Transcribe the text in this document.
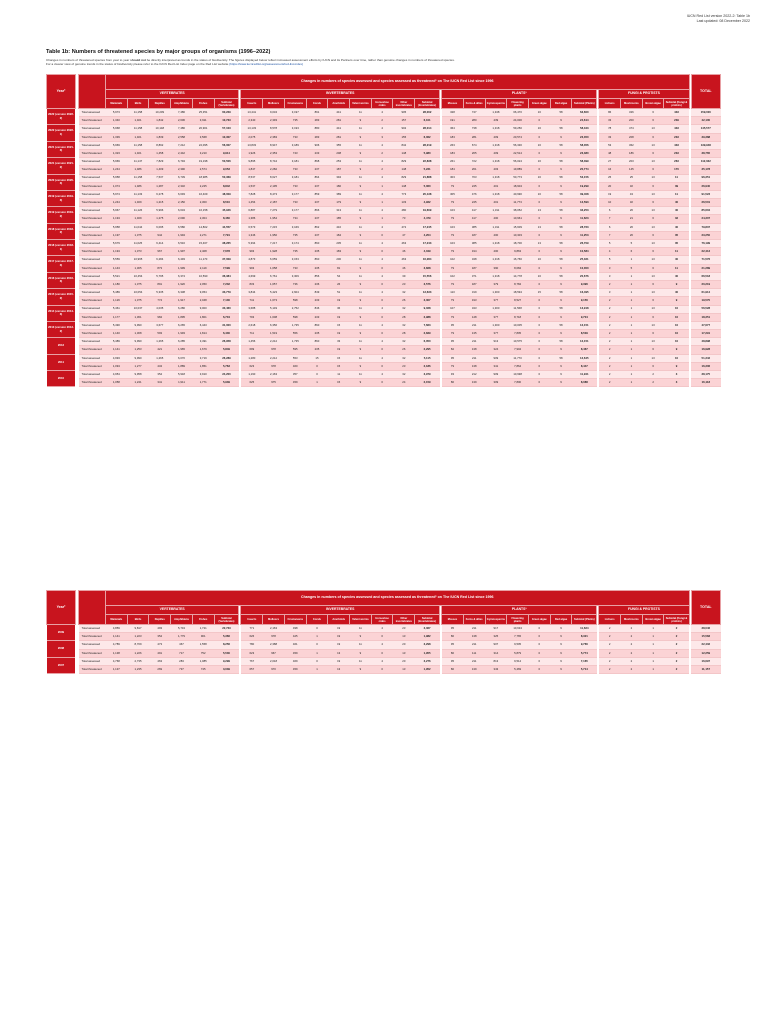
IUCN Red List version 2022-2: Table 1b
Last updated: 08 December 2022
Table 1b: Numbers of threatened species by major groups of organisms (1996–2022)
Changes in numbers of threatened species from year to year should not be directly interpreted as trends in the status of biodiversity. The figures displayed below reflect increased assessment efforts by IUCN and its Partners over time, rather than genuine changes in numbers of threatened species.
For a clearer view of genuine trends in the status of biodiversity please refer to the IUCN Red List Index page on the Red List website (https://www.iucnredlist.org/assessment/red-list-index)
Year²			Changes in numbers of species assessed and species assessed as threatened¹ on The IUCN Red List since 1996																														TOTAL
			VERTEBRATES							INVERTEBRATES										PLANTS³								FUNGI & PROTISTS					
			Mammals	Birds	Reptiles	Amphibians	Fishes	Subtotal (Vertebrates)		Insects	Molluscs	Crustaceans	Corals	Arachnids	Velvet worms	Horseshoe crabs	Other invertebrates	Subtotal (Invertebrates)		Mosses	Ferns & allies	Gymnosperms	Flowering plants	Green algae	Red algae	Subtotal (Plants)		Lichens	Mushrooms	Brown algae	Subtotal (Fungi & protists)		
2022 (version 2022-2)		Total assessed	5,973	11,158	10,209	7,486	25,351	60,229		13,441	9,034	3,197	891	441	11	4	905	28,002		328	747	1,348	66,470	16	58	63,600		86	326	6	433		159,000
		Total threatened	1,340	1,401	1,842	2,606	3,911	10,733		2,340	2,393	735	283	281	9	2	157	6,101		191	280	439	24,000	0	9	24,614		33	200	6	239		42,100
2022 (version 2022-1)		Total assessed	5,968	11,158	10,148	7,486	20,901	57,103		13,133	8,578	3,193	880	441	11	4	902	28,014		364	738	1,318	59,250	16	58	58,343		78	474	13	433		145,577
		Total threatened	1,339	1,401	1,839	2,558	3,568	10,307		2,075	2,383	733	283	281	9	3	155	6,062		183	281	409	20,574	0	9	23,350		33	208	6	233		39,388
2021 (version 2021-3)		Total assessed	5,969	11,158	8,892	7,212	22,095	56,007		13,833	8,947	3,189	906	355	11	4	842	28,219		263	674	1,318	56,330	16	58	58,356		53	362	13	433		139,948
		Total threatened	1,323	1,401	1,458	2,442	3,210	9,914		1,926	2,353	743	233	208	9	2	148	5,980		183	265	409	22,514	0	9	23,380		48	186	6	233		38,765
2021 (version 2021-2)		Total assessed	5,969	11,147	7,829	6,794	19,198	50,506		9,895	8,744	3,181	868	253	11	4	829	22,838		261	722	1,318	56,024	16	58	58,399		27	203	13	263		112,032
		Total threatened	1,244	1,486	1,409	2,390	2,574	9,053		1,847	2,282	733	237	187	9	2	148	5,231		184	261	403	19,889	0	9	20,774		16	145	6	170		35,178
2020 (version 2020-3)		Total assessed	5,958	11,158	7,537	6,739	18,985	50,369		8,537	8,627	3,181	864	394	11	4	829	21,888		303	703	1,318	50,773	16	58	53,156		25	25	13	11		96,351
		Total threatened	1,074	1,486	1,287	2,332	2,225	8,842		1,537	2,195	733	237	180	9	1	148	5,060		79	245	401	18,904	0	9	19,299		20	32	6	39		26,940
2019 (version 2019-3)		Total assessed	5,974	11,133	6,278	6,693	16,409	48,009		7,828	8,473	3,177	859	389	11	4	773	20,138		305	476	1,318	40,990	16	58	39,408		19	43	13	11		91,523
		Total threatened	1,244	1,469	1,215	2,150	2,300	8,510		1,454	2,187	733	237	179	9	1	133	4,922		79	245	401	11,773	0	9	12,593		10	32	6	40		26,501
2019 (version 2019-2)		Total assessed	5,967	11,126	5,996	6,634	16,158	45,946		6,887	7,279	3,177	866	313	11	4	480	19,609		103	417	1,311	38,052	13	58	33,253		6	26	13	40		85,604
		Total threatened	1,194	1,469	1,275	2,090	2,304	8,460		1,386	1,954	734	237	185	9	1	73	4,479		79	417	400	10,961	0	9	11,623		7	21	6	32		24,307
2018 (version 2018-2)		Total assessed	5,958	11,044	6,095	6,580	14,802	44,557		6,573	7,215	3,169	862	410	11	4	472	17,245		103	385	1,311	15,609	13	58	28,763		6	26	13	40		79,837
		Total threatened	1,197	1,375	944	1,994	2,271	7,791		1,346	1,950	735	237	184	9	0	47	4,204		79	187	400	10,303	0	9	11,253		7	26	6	35		23,250
2018 (version 2018-1)		Total assessed	5,679	11,025	6,414	6,516	15,467	38,265		5,394	7,217	3,174	860	205	11	4	463	17,243		103	385	1,318	18,700	13	58	26,709		5	5	13	35		76,199
		Total threatened	1,194	1,373	967	1,997	2,408	7,678		993	1,928	735	235	183	9	0	46	4,049		79	194	400	9,863	0	9	10,584		4	6	6	11		22,413
2017 (version 2017-3)		Total assessed	5,559	10,965	6,284	6,493	11,170	37,009		4,873	6,659	3,153	860	200	11	4	463	16,284		102	348	1,318	16,766	16	58	25,321		5	1	13	40		71,576
		Total threatened	1,143	1,305	873	1,999	2,119	7,599		993	1,658	733	235	81	9	0	46	3,828		79	187	390	8,084	0	9	10,000		3	5	6	11		21,289
2016 (version 2016-3)		Total assessed	5,521	10,454	5,795	6,374	10,590	36,384		4,699	6,761	3,309	856	54	11	4	39	15,556		102	371	1,318	14,778	16	58	20,676		3	1	13	40		66,518
		Total threatened	1,180	1,375	891	1,920	2,050	7,232		833	1,657	736	236	26	9	0	23	3,576		79	187	379	8,784	0	9	9,396		2	1	6	9		20,219
2015 (version 2015-2)		Total assessed	5,489	10,054	5,335	6,338	9,054	33,779		3,844	5,423	2,604	849	51	11	4	32	13,633		113	319	1,300	18,594	15	58	16,495		3	1	13	40		61,914
		Total threatened	1,126	1,375	774	1,917	2,048	7,130		741	1,673	598	233	19	9	0	26	3,307		79	193	377	8,527	0	9	9,156		2	1	6	9		19,570
2014 (version 2014-3)		Total assessed	5,461	10,037	4,035	6,286	9,000	33,460		3,688	5,149	2,752	846	36	11	4	32	9,028		107	343	1,300	11,568	0	58	13,918		2	1	13	10		56,528
		Total threatened	1,177	1,361	984	1,895	1,801	6,704		793	1,608	598	233	19	9	0	28	2,988		79	148	377	8,718	0	9	9,704		2	1	6	10		18,351
2013 (version 2013-2)		Total assessed	5,490	9,990	3,677	6,265	6,443	31,000		2,618	6,356	1,735	860	15	11	4	32	7,663		95	211	1,300	10,005	0	58	12,151		2	1	13	10		47,677
		Total threatened	1,140	1,308	593	1,993	1,814	6,430		711	1,519	556	235	19	9	0	28	2,839		79	135	377	7,805	0	9	8,509		2	1	6	10		17,291
2012		Total assessed	5,489	9,990	1,265	6,285	3,491	26,958		1,456	2,212	1,735	860	33	11	4	32	6,050		95	211	913	10,575	0	58	12,151		2	1	13	10		48,898
		Total threatened	1,141	1,253	421	1,965	1,679	5,849		699	978	595	235	19	9	0	26	2,295		82	138	324	7,904	0	9	8,467		2	1	6	9		16,928
2011		Total assessed	4,993	9,990	1,265	6,070	3,719	26,289		1,280	2,212	553	15	15	11	4	32	5,115		95	211	909	11,770	0	58	12,645		2	1	13	10		51,342
		Total threatened	1,094	1,277	434	1,889	1,851	5,763		623	978	460	0	15	9	0	23	2,186		79	138	341	7,864	0	9	8,447		2	1	6	9		16,306
2010		Total assessed	4,954	9,958	354	5,918	3,910	24,200		1,190	2,163	357	0	11	11	4	32	3,979		93	212	909	10,998	0	9	11,941		2	1	2	3		38,175
		Total threatened	1,058	1,241	341	1,911	1,771	5,939		625	975	459	1	15	9	0	24	2,159		80	139	309	7,800	0	9	8,088		2	1	2	3		16,118
Year²			Changes in numbers of species assessed and species assessed as threatened¹ on The IUCN Red List since 1996																														TOTAL
			VERTEBRATES							INVERTEBRATES										PLANTS³								FUNGI & PROTISTS					
			Mammals	Birds	Reptiles	Amphibians	Fishes	Subtotal (Vertebrates)		Insects	Molluscs	Crustaceans	Corals	Arachnids	Velvet worms	Horseshoe crabs	Other invertebrates	Subtotal (Invertebrates)		Mosses	Ferns & allies	Gymnosperms	Flowering plants	Green algae	Red algae	Subtotal (Plants)		Lichens	Mushrooms	Brown algae	Subtotal (Fungi & protists)		
2009		Total assessed	4,859	9,817	493	5,743	1,721	22,733		771	2,163	498	0	19	11	4	23	3,367		95	211	917	10,634	0	9	11,634		2	2	1	2		38,046
		Total threatened	1,141	1,223	354	1,779	901	5,366		626	978	425	1	19	9	0	13	1,982		80	138	325	7,765	0	9	8,321		2	2	1	2		15,583
2008		Total assessed	4,789	8,709	473	467	1,558	8,256		780	2,388	461	0	19	11	4	20	3,298		95	211	907	9,505	0	9	9,766		2	2	1	2		22,432
		Total threatened	1,138	1,226	491	717	752	5,530		623	967	459	1	13	9	0	13	1,955		80	111	314	5,879	0	9	5,774		2	2	1	2		12,259
2007		Total assessed	4,768	2,735	463	283	1,085	9,299		767	2,018	469	0	19	11	4	20	3,276		95	211	813	9,514	0	9	7,165		2	2	1	2		16,697
		Total threatened	1,137	1,235	269	737	745	3,039		657	970	459	1	13	9	0	13	1,952		80	139	343	5,469	0	9	5,714		2	2	1	2		11,157
